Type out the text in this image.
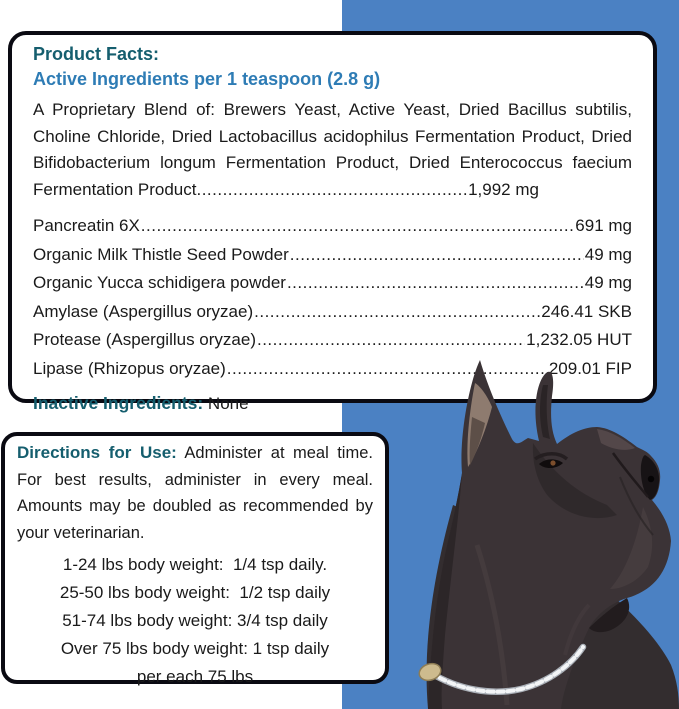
Product Facts:
Active Ingredients per 1 teaspoon (2.8 g)
A Proprietary Blend of: Brewers Yeast, Active Yeast, Dried Bacillus subtilis, Choline Chloride, Dried Lactobacillus acidophilus Fermentation Product, Dried Bifidobacterium longum Fermentation Product, Dried Enterococcus faecium Fermentation Product .....	1,992 mg
Pancreatin 6X .....	691 mg
Organic Milk Thistle Seed Powder .....	49 mg
Organic Yucca schidigera powder .....	49 mg
Amylase (Aspergillus oryzae) .....	246.41 SKB
Protease (Aspergillus oryzae) .....	1,232.05 HUT
Lipase (Rhizopus oryzae) .....	209.01 FIP
Inactive Ingredients: None
Directions for Use: Administer at meal time. For best results, administer in every meal. Amounts may be doubled as recommended by your veterinarian.
1-24 lbs body weight:  1/4 tsp daily.
25-50 lbs body weight:  1/2 tsp daily
51-74 lbs body weight: 3/4 tsp daily
Over 75 lbs body weight: 1 tsp daily
per each 75 lbs
